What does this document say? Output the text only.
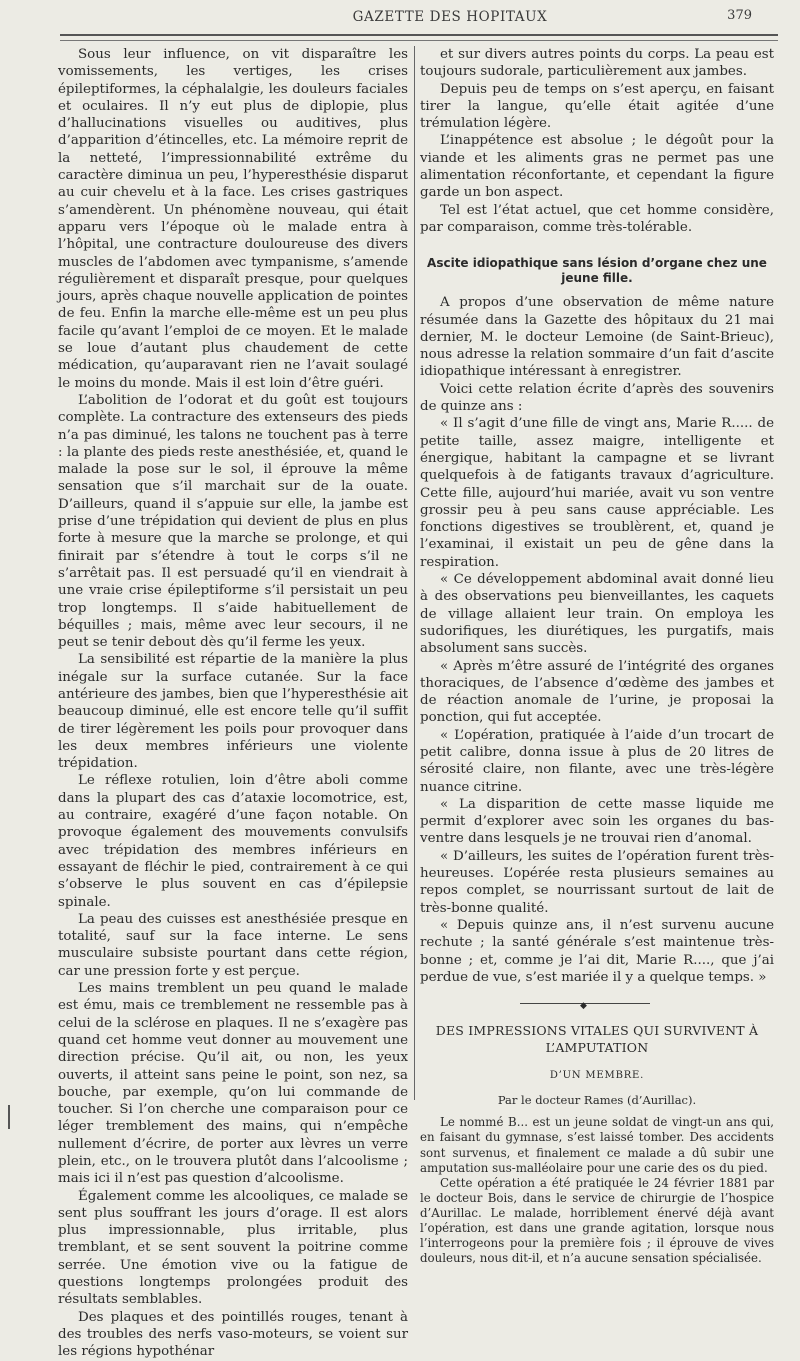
GAZETTE DES HOPITAUX	379

Sous leur influence, on vit disparaître les vomissements, les vertiges, les crises épileptiformes, la céphalalgie, les douleurs faciales et oculaires. Il n’y eut plus de diplopie, plus d’hallucinations visuelles ou auditives, plus d’apparition d’étincelles, etc. La mémoire reprit de la netteté, l’impressionnabilité extrême du caractère diminua un peu, l’hyperesthésie disparut au cuir chevelu et à la face. Les crises gastriques s’amendèrent. Un phénomène nouveau, qui était apparu vers l’époque où le malade entra à l’hôpital, une contracture douloureuse des divers muscles de l’abdomen avec tympanisme, s’amende régulièrement et disparaît presque, pour quelques jours, après chaque nouvelle application de pointes de feu. Enfin la marche elle-même est un peu plus facile qu’avant l’emploi de ce moyen. Et le malade se loue d’autant plus chaudement de cette médication, qu’auparavant rien ne l’avait soulagé le moins du monde. Mais il est loin d’être guéri.

L’abolition de l’odorat et du goût est toujours complète. La contracture des extenseurs des pieds n’a pas diminué, les talons ne touchent pas à terre : la plante des pieds reste anesthésiée, et, quand le malade la pose sur le sol, il éprouve la même sensation que s’il marchait sur de la ouate. D’ailleurs, quand il s’appuie sur elle, la jambe est prise d’une trépidation qui devient de plus en plus forte à mesure que la marche se prolonge, et qui finirait par s’étendre à tout le corps s’il ne s’arrêtait pas. Il est persuadé qu’il en viendrait à une vraie crise épileptiforme s’il persistait un peu trop longtemps. Il s’aide habituellement de béquilles ; mais, même avec leur secours, il ne peut se tenir debout dès qu’il ferme les yeux.

La sensibilité est répartie de la manière la plus inégale sur la surface cutanée. Sur la face antérieure des jambes, bien que l’hyperesthésie ait beaucoup diminué, elle est encore telle qu’il suffit de tirer légèrement les poils pour provoquer dans les deux membres inférieurs une violente trépidation.

Le réflexe rotulien, loin d’être aboli comme dans la plupart des cas d’ataxie locomotrice, est, au contraire, exagéré d’une façon notable. On provoque également des mouvements convulsifs avec trépidation des membres inférieurs en essayant de fléchir le pied, contrairement à ce qui s’observe le plus souvent en cas d’épilepsie spinale.

La peau des cuisses est anesthésiée presque en totalité, sauf sur la face interne. Le sens musculaire subsiste pourtant dans cette région, car une pression forte y est perçue.

Les mains tremblent un peu quand le malade est ému, mais ce tremblement ne ressemble pas à celui de la sclérose en plaques. Il ne s’exagère pas quand cet homme veut donner au mouvement une direction précise. Qu’il ait, ou non, les yeux ouverts, il atteint sans peine le point, son nez, sa bouche, par exemple, qu’on lui commande de toucher. Si l’on cherche une comparaison pour ce léger tremblement des mains, qui n’empêche nullement d’écrire, de porter aux lèvres un verre plein, etc., on le trouvera plutôt dans l’alcoolisme ; mais ici il n’est pas question d’alcoolisme.

Également comme les alcooliques, ce malade se sent plus souffrant les jours d’orage. Il est alors plus impressionnable, plus irritable, plus tremblant, et se sent souvent la poitrine comme serrée. Une émotion vive ou la fatigue de questions longtemps prolongées produit des résultats semblables.

Des plaques et des pointillés rouges, tenant à des troubles des nerfs vaso-moteurs, se voient sur les régions hypothénar

et sur divers autres points du corps. La peau est toujours sudorale, particulièrement aux jambes.

Depuis peu de temps on s’est aperçu, en faisant tirer la langue, qu’elle était agitée d’une trémulation légère.

L’inappétence est absolue ; le dégoût pour la viande et les aliments gras ne permet pas une alimentation réconfortante, et cependant la figure garde un bon aspect.

Tel est l’état actuel, que cet homme considère, par comparaison, comme très-tolérable.

Ascite idiopathique sans lésion d’organe chez une jeune fille.

A propos d’une observation de même nature résumée dans la Gazette des hôpitaux du 21 mai dernier, M. le docteur Lemoine (de Saint-Brieuc), nous adresse la relation sommaire d’un fait d’ascite idiopathique intéressant à enregistrer.

Voici cette relation écrite d’après des souvenirs de quinze ans :

« Il s’agit d’une fille de vingt ans, Marie R..... de petite taille, assez maigre, intelligente et énergique, habitant la campagne et se livrant quelquefois à de fatigants travaux d’agriculture. Cette fille, aujourd’hui mariée, avait vu son ventre grossir peu à peu sans cause appréciable. Les fonctions digestives se troublèrent, et, quand je l’examinai, il existait un peu de gêne dans la respiration.

« Ce développement abdominal avait donné lieu à des observations peu bienveillantes, les caquets de village allaient leur train. On employa les sudorifiques, les diurétiques, les purgatifs, mais absolument sans succès.

« Après m’être assuré de l’intégrité des organes thoraciques, de l’absence d’œdème des jambes et de réaction anomale de l’urine, je proposai la ponction, qui fut acceptée.

« L’opération, pratiquée à l’aide d’un trocart de petit calibre, donna issue à plus de 20 litres de sérosité claire, non filante, avec une très-légère nuance citrine.

« La disparition de cette masse liquide me permit d’explorer avec soin les organes du bas-ventre dans lesquels je ne trouvai rien d’anomal.

« D’ailleurs, les suites de l’opération furent très-heureuses. L’opérée resta plusieurs semaines au repos complet, se nourrissant surtout de lait de très-bonne qualité.

« Depuis quinze ans, il n’est survenu aucune rechute ; la santé générale s’est maintenue très-bonne ; et, comme je l’ai dit, Marie R...., que j’ai perdue de vue, s’est mariée il y a quelque temps. »

◆
DES IMPRESSIONS VITALES QUI SURVIVENT À L’AMPUTATION
D’UN MEMBRE.
Par le docteur Rames (d’Aurillac).

Le nommé B... est un jeune soldat de vingt-un ans qui, en faisant du gymnase, s’est laissé tomber. Des accidents sont survenus, et finalement ce malade a dû subir une amputation sus-malléolaire pour une carie des os du pied.

Cette opération a été pratiquée le 24 février 1881 par le docteur Bois, dans le service de chirurgie de l’hospice d’Aurillac. Le malade, horriblement énervé déjà avant l’opération, est dans une grande agitation, lorsque nous l’interrogeons pour la première fois ; il éprouve de vives douleurs, nous dit-il, et n’a aucune sensation spécialisée.
